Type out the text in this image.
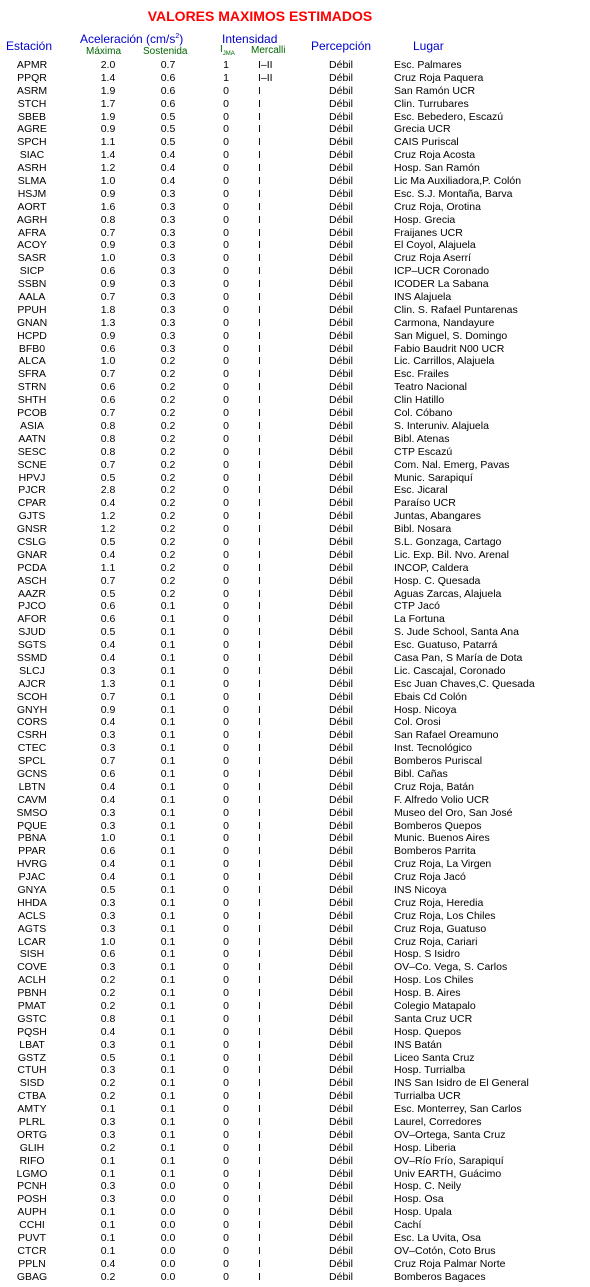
VALORES MAXIMOS ESTIMADOS
Estación Aceleración $(cm/s^2)$
Máxima Sostenida
Intensidad
$I_{JMA}$ Mercalli Percepción	Lugar
APMR	2.0	0.7	1	I–II	Débil	Esc. Palmares
PPQR	1.4	0.6	1	I–II	Débil	Cruz Roja Paquera
ASRM	1.9	0.6	0	I	Débil	San Ramón UCR
STCH	1.7	0.6	0	I	Débil	Clin. Turrubares
SBEB	1.9	0.5	0	I	Débil	Esc. Bebedero, Escazú
AGRE	0.9	0.5	0	I	Débil	Grecia UCR
SPCH	1.1	0.5	0	I	Débil	CAIS Puriscal
SIAC	1.4	0.4	0	I	Débil	Cruz Roja Acosta
ASRH	1.2	0.4	0	I	Débil	Hosp. San Ramón
SLMA	1.0	0.4	0	I	Débil	Lic Ma Auxiliadora,P. Colón
HSJM	0.9	0.3	0	I	Débil	Esc. S.J. Montaña, Barva
AORT	1.6	0.3	0	I	Débil	Cruz Roja, Orotina
AGRH	0.8	0.3	0	I	Débil	Hosp. Grecia
AFRA	0.7	0.3	0	I	Débil	Fraijanes UCR
ACOY	0.9	0.3	0	I	Débil	El Coyol, Alajuela
SASR	1.0	0.3	0	I	Débil	Cruz Roja Aserrí
SICP	0.6	0.3	0	I	Débil	ICP–UCR Coronado
SSBN	0.9	0.3	0	I	Débil	ICODER La Sabana
AALA	0.7	0.3	0	I	Débil	INS Alajuela
PPUH	1.8	0.3	0	I	Débil	Clin. S. Rafael Puntarenas
GNAN	1.3	0.3	0	I	Débil	Carmona, Nandayure
HCPD	0.9	0.3	0	I	Débil	San Miguel, S. Domingo
BFB0	0.6	0.3	0	I	Débil	Fabio Baudrit N00 UCR
ALCA	1.0	0.2	0	I	Débil	Lic. Carrillos, Alajuela
SFRA	0.7	0.2	0	I	Débil	Esc. Frailes
STRN	0.6	0.2	0	I	Débil	Teatro Nacional
SHTH	0.6	0.2	0	I	Débil	Clin Hatillo
PCOB	0.7	0.2	0	I	Débil	Col. Cóbano
ASIA	0.8	0.2	0	I	Débil	S. Interuniv. Alajuela
AATN	0.8	0.2	0	I	Débil	Bibl. Atenas
SESC	0.8	0.2	0	I	Débil	CTP Escazú
SCNE	0.7	0.2	0	I	Débil	Com. Nal. Emerg, Pavas
HPVJ	0.5	0.2	0	I	Débil	Munic. Sarapiquí
PJCR	2.8	0.2	0	I	Débil	Esc. Jicaral
CPAR	0.4	0.2	0	I	Débil	Paraíso UCR
GJTS	1.2	0.2	0	I	Débil	Juntas, Abangares
GNSR	1.2	0.2	0	I	Débil	Bibl. Nosara
CSLG	0.5	0.2	0	I	Débil	S.L. Gonzaga, Cartago
GNAR	0.4	0.2	0	I	Débil	Lic. Exp. Bil. Nvo. Arenal
PCDA	1.1	0.2	0	I	Débil	INCOP, Caldera
ASCH	0.7	0.2	0	I	Débil	Hosp. C. Quesada
AAZR	0.5	0.2	0	I	Débil	Aguas Zarcas, Alajuela
PJCO	0.6	0.1	0	I	Débil	CTP Jacó
AFOR	0.6	0.1	0	I	Débil	La Fortuna
SJUD	0.5	0.1	0	I	Débil	S. Jude School, Santa Ana
SGTS	0.4	0.1	0	I	Débil	Esc. Guatuso, Patarrá
SSMD	0.4	0.1	0	I	Débil	Casa Pan, S María de Dota
SLCJ	0.3	0.1	0	I	Débil	Lic. Cascajal, Coronado
AJCR	1.3	0.1	0	I	Débil	Esc Juan Chaves,C. Quesada
SCOH	0.7	0.1	0	I	Débil	Ebais Cd Colón
GNYH	0.9	0.1	0	I	Débil	Hosp. Nicoya
CORS	0.4	0.1	0	I	Débil	Col. Orosi
CSRH	0.3	0.1	0	I	Débil	San Rafael Oreamuno
CTEC	0.3	0.1	0	I	Débil	Inst. Tecnológico
SPCL	0.7	0.1	0	I	Débil	Bomberos Puriscal
GCNS	0.6	0.1	0	I	Débil	Bibl. Cañas
LBTN	0.4	0.1	0	I	Débil	Cruz Roja, Batán
CAVM	0.4	0.1	0	I	Débil	F. Alfredo Volio UCR
SMSO	0.3	0.1	0	I	Débil	Museo del Oro, San José
PQUE	0.3	0.1	0	I	Débil	Bomberos Quepos
PBNA	1.0	0.1	0	I	Débil	Munic. Buenos Aires
PPAR	0.6	0.1	0	I	Débil	Bomberos Parrita
HVRG	0.4	0.1	0	I	Débil	Cruz Roja, La Virgen
PJAC	0.4	0.1	0	I	Débil	Cruz Roja Jacó
GNYA	0.5	0.1	0	I	Débil	INS Nicoya
HHDA	0.3	0.1	0	I	Débil	Cruz Roja, Heredia
ACLS	0.3	0.1	0	I	Débil	Cruz Roja, Los Chiles
AGTS	0.3	0.1	0	I	Débil	Cruz Roja, Guatuso
LCAR	1.0	0.1	0	I	Débil	Cruz Roja, Cariari
SISH	0.6	0.1	0	I	Débil	Hosp. S Isidro
COVE	0.3	0.1	0	I	Débil	OV–Co. Vega, S. Carlos
ACLH	0.2	0.1	0	I	Débil	Hosp. Los Chiles
PBNH	0.2	0.1	0	I	Débil	Hosp. B. Aires
PMAT	0.2	0.1	0	I	Débil	Colegio Matapalo
GSTC	0.8	0.1	0	I	Débil	Santa Cruz UCR
PQSH	0.4	0.1	0	I	Débil	Hosp. Quepos
LBAT	0.3	0.1	0	I	Débil	INS Batán
GSTZ	0.5	0.1	0	I	Débil	Liceo Santa Cruz
CTUH	0.3	0.1	0	I	Débil	Hosp. Turrialba
SISD	0.2	0.1	0	I	Débil	INS San Isidro de El General
CTBA	0.2	0.1	0	I	Débil	Turrialba UCR
AMTY	0.1	0.1	0	I	Débil	Esc. Monterrey, San Carlos
PLRL	0.3	0.1	0	I	Débil	Laurel, Corredores
ORTG	0.3	0.1	0	I	Débil	OV–Ortega, Santa Cruz
GLIH	0.2	0.1	0	I	Débil	Hosp. Liberia
RIFO	0.1	0.1	0	I	Débil	OV–Río Frío, Sarapiquí
LGMO	0.1	0.1	0	I	Débil	Univ EARTH, Guácimo
PCNH	0.3	0.0	0	I	Débil	Hosp. C. Neily
POSH	0.3	0.0	0	I	Débil	Hosp. Osa
AUPH	0.1	0.0	0	I	Débil	Hosp. Upala
CCHI	0.1	0.0	0	I	Débil	Cachí
PUVT	0.1	0.0	0	I	Débil	Esc. La Uvita, Osa
CTCR	0.1	0.0	0	I	Débil	OV–Cotón, Coto Brus
PPLN	0.4	0.0	0	I	Débil	Cruz Roja Palmar Norte
GBAG	0.2	0.0	0	I	Débil	Bomberos Bagaces
